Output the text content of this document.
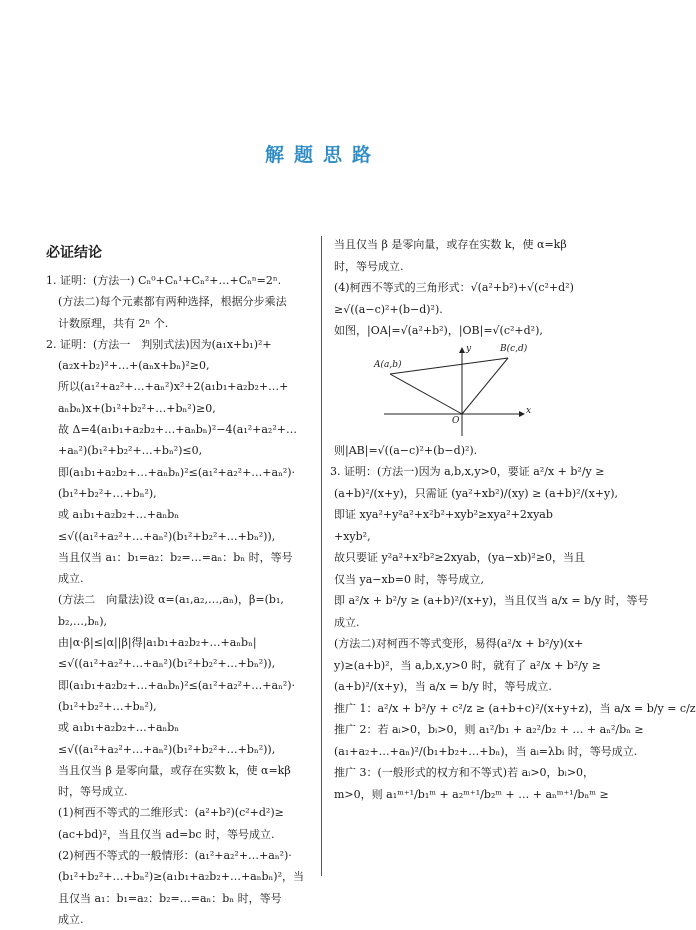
解题思路
必证结论
1. 证明：(方法一) Cₙ⁰+Cₙ¹+Cₙ²+…+Cₙⁿ=2ⁿ.
(方法二)每个元素都有两种选择，根据分步乘法
计数原理，共有 2ⁿ 个.
2. 证明：(方法一　判别式法)因为(a₁x+b₁)²+
(a₂x+b₂)²+…+(aₙx+bₙ)²≥0,
所以(a₁²+a₂²+…+aₙ²)x²+2(a₁b₁+a₂b₂+…+
aₙbₙ)x+(b₁²+b₂²+…+bₙ²)≥0,
故 Δ=4(a₁b₁+a₂b₂+…+aₙbₙ)²−4(a₁²+a₂²+…
+aₙ²)(b₁²+b₂²+…+bₙ²)≤0,
即(a₁b₁+a₂b₂+…+aₙbₙ)²≤(a₁²+a₂²+…+aₙ²)·
(b₁²+b₂²+…+bₙ²),
或 a₁b₁+a₂b₂+…+aₙbₙ
≤√((a₁²+a₂²+…+aₙ²)(b₁²+b₂²+…+bₙ²)),
当且仅当 a₁：b₁=a₂：b₂=…=aₙ：bₙ 时，等号
成立.
(方法二　向量法)设 α=(a₁,a₂,…,aₙ)，β=(b₁,
b₂,…,bₙ),
由|α·β|≤|α||β|得|a₁b₁+a₂b₂+…+aₙbₙ|
≤√((a₁²+a₂²+…+aₙ²)(b₁²+b₂²+…+bₙ²)),
即(a₁b₁+a₂b₂+…+aₙbₙ)²≤(a₁²+a₂²+…+aₙ²)·
(b₁²+b₂²+…+bₙ²),
或 a₁b₁+a₂b₂+…+aₙbₙ
≤√((a₁²+a₂²+…+aₙ²)(b₁²+b₂²+…+bₙ²)),
当且仅当 β 是零向量，或存在实数 k，使 α=kβ
时，等号成立.
(1)柯西不等式的二维形式：(a²+b²)(c²+d²)≥
(ac+bd)²，当且仅当 ad=bc 时，等号成立.
(2)柯西不等式的一般情形：(a₁²+a₂²+…+aₙ²)·
(b₁²+b₂²+…+bₙ²)≥(a₁b₁+a₂b₂+…+aₙbₙ)²，当
且仅当 a₁：b₁=a₂：b₂=…=aₙ：bₙ 时，等号
成立.
当且仅当 β 是零向量，或存在实数 k，使 α=kβ
时，等号成立.
(4)柯西不等式的三角形式：√(a²+b²)+√(c²+d²)
≥√((a−c)²+(b−d)²).
如图，|OA|=√(a²+b²)，|OB|=√(c²+d²),
A(a,b)
B(c,d)
O
x
y
则|AB|=√((a−c)²+(b−d)²).
3. 证明：(方法一)因为 a,b,x,y>0，要证 a²/x + b²/y ≥
(a+b)²/(x+y)，只需证 (ya²+xb²)/(xy) ≥ (a+b)²/(x+y),
即证 xya²+y²a²+x²b²+xyb²≥xya²+2xyab
+xyb²,
故只要证 y²a²+x²b²≥2xyab，(ya−xb)²≥0，当且
仅当 ya−xb=0 时，等号成立,
即 a²/x + b²/y ≥ (a+b)²/(x+y)，当且仅当 a/x = b/y 时，等号
成立.
(方法二)对柯西不等式变形，易得(a²/x + b²/y)(x+
y)≥(a+b)²，当 a,b,x,y>0 时，就有了 a²/x + b²/y ≥
(a+b)²/(x+y)，当 a/x = b/y 时，等号成立.
推广 1：a²/x + b²/y + c²/z ≥ (a+b+c)²/(x+y+z)，当 a/x = b/y = c/z
推广 2：若 aᵢ>0，bᵢ>0，则 a₁²/b₁ + a₂²/b₂ + … + aₙ²/bₙ ≥
(a₁+a₂+…+aₙ)²/(b₁+b₂+…+bₙ)，当 aᵢ=λbᵢ 时，等号成立.
推广 3：(一般形式的权方和不等式)若 aᵢ>0，bᵢ>0，
m>0，则 a₁ᵐ⁺¹/b₁ᵐ + a₂ᵐ⁺¹/b₂ᵐ + … + aₙᵐ⁺¹/bₙᵐ ≥
